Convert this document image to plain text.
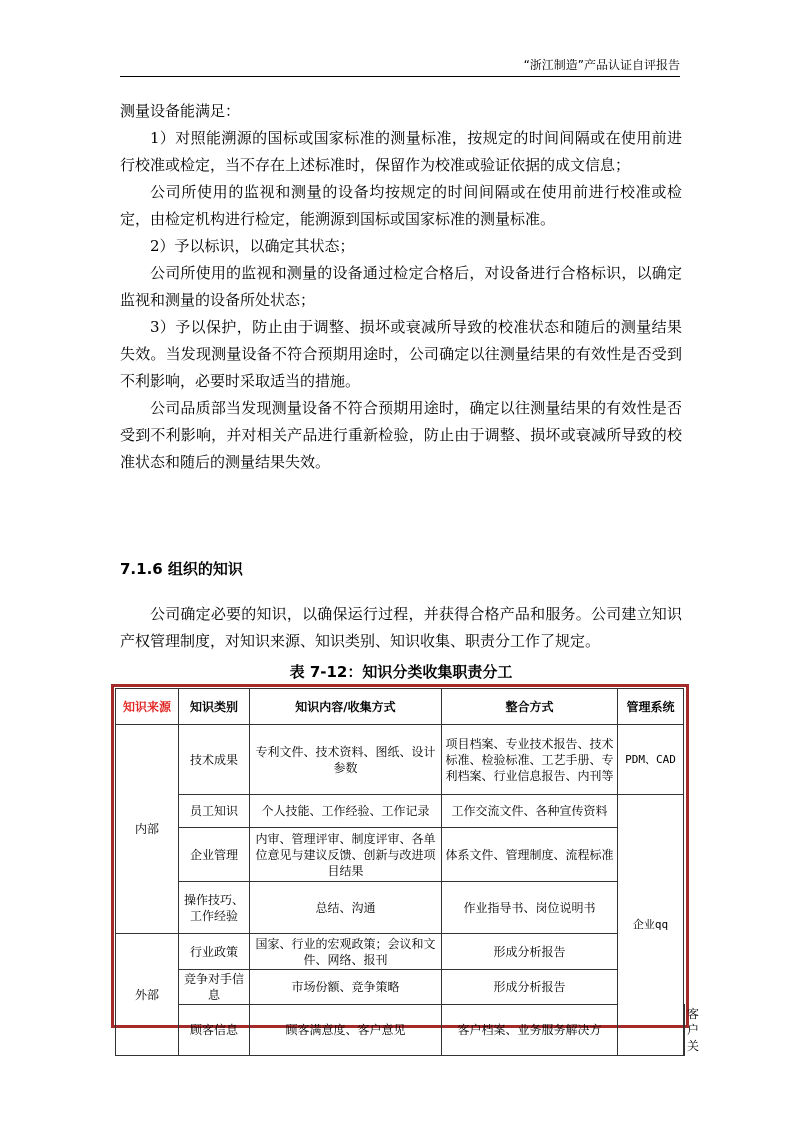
“浙江制造”产品认证自评报告

测量设备能满足：

1）对照能溯源的国标或国家标准的测量标准，按规定的时间间隔或在使用前进行校准或检定，当不存在上述标准时，保留作为校准或验证依据的成文信息；

公司所使用的监视和测量的设备均按规定的时间间隔或在使用前进行校准或检定，由检定机构进行检定，能溯源到国标或国家标准的测量标准。

2）予以标识，以确定其状态；

公司所使用的监视和测量的设备通过检定合格后，对设备进行合格标识，以确定监视和测量的设备所处状态；

3）予以保护，防止由于调整、损坏或衰减所导致的校准状态和随后的测量结果失效。当发现测量设备不符合预期用途时，公司确定以往测量结果的有效性是否受到不利影响，必要时采取适当的措施。

公司品质部当发现测量设备不符合预期用途时，确定以往测量结果的有效性是否受到不利影响，并对相关产品进行重新检验，防止由于调整、损坏或衰减所导致的校准状态和随后的测量结果失效。

7.1.6 组织的知识

公司确定必要的知识，以确保运行过程，并获得合格产品和服务。公司建立知识产权管理制度，对知识来源、知识类别、知识收集、职责分工作了规定。

表 7-12：知识分类收集职责分工
知识来源	知识类别	知识内容/收集方式	整合方式	管理系统	
内部	技术成果	专利文件、技术资料、图纸、设计参数	项目档案、专业技术报告、技术标准、检验标准、工艺手册、专利档案、行业信息报告、内刊等	PDM、CAD	
	员工知识	个人技能、工作经验、工作记录	工作交流文件、各种宣传资料	企业qq	
	企业管理	内审、管理评审、制度评审、各单位意见与建议反馈、创新与改进项目结果	体系文件、管理制度、流程标准		
	操作技巧、工作经验	总结、沟通	作业指导书、岗位说明书		
外部	行业政策	国家、行业的宏观政策；会议和文件、网络、报刊	形成分析报告		
	竞争对手信息	市场份额、竞争策略	形成分析报告		
	顾客信息	顾客满意度、客户意见	客户档案、业务服务解决方		客户关
